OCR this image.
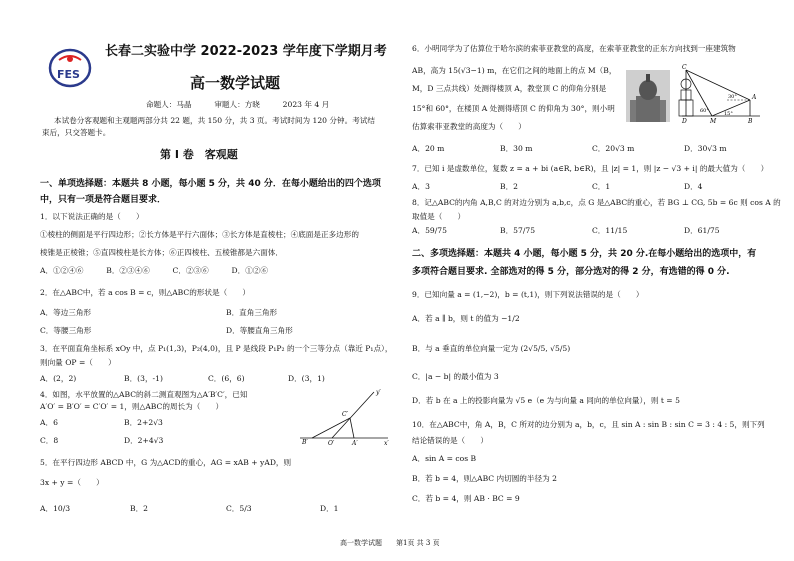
FES
长春二实验中学 2022-2023 学年度下学期月考
高一数学试题
命题人：马晶　　　审题人：方晓　　　2023 年 4 月
本试卷分客观题和主观题两部分共 22 题，共 150 分，共 3 页。考试时间为 120 分钟。考试结
束后，只交答题卡。
第 Ⅰ 卷　客观题
一、单项选择题：本题共 8 小题，每小题 5 分，共 40 分．在每小题给出的四个选项
中，只有一项是符合题目要求．
1．以下说法正确的是（　　）
①棱柱的侧面是平行四边形；②长方体是平行六面体；③长方体是直棱柱；④底面是正多边形的
棱锥是正棱锥；⑤直四棱柱是长方体；⑥正四棱柱、五棱锥都是六面体．
A．①②④⑥　　　B．②③④⑥　　　C．②③⑥　　　D．①②⑥
2．在△ABC中，若 a cos B = c，则△ABC的形状是（　　）
A．等边三角形	B．直角三角形
C．等腰三角形	D．等腰直角三角形
3．在平面直角坐标系 xOy 中，点 P₁(1,3)，P₂(4,0)，且 P 是线段 P₁P₂ 的一个三等分点（靠近 P₁点），
则向量 OP =（　　）
A．(2，2)	B．(3，-1)	C．(6，6)	D．(3，1)
4．如图，水平放置的△ABC的斜二测直观图为△A′B′C′，已知
A′O′ = B′O′ = C′O′ = 1，则△ABC的周长为（　　）
A．6	B．2+2√3
C．8	D．2+4√3
y′
C′
B′	O′	A′	x′
5．在平行四边形 ABCD 中，G 为△ACD的重心，AG = xAB + yAD，则
3x + y =（　　）
A．10/3	B．2	C．5/3	D．1
6．小明同学为了估算位于哈尔滨的索菲亚教堂的高度，在索菲亚教堂的正东方向找到一座建筑物
AB，高为 15(√3−1) m，在它们之间的地面上的点 M（B，
M，D 三点共线）处测得楼顶 A，教堂顶 C 的仰角分别是
15°和 60°，在楼顶 A 处测得塔顶 C 的仰角为 30°，则小明
估算索菲亚教堂的高度为（　　）
C
A
30°
60°	15°
D	M	B
A．20 m	B．30 m	C．20√3 m	D．30√3 m
7．已知 i 是虚数单位，复数 z = a + bi (a∈R, b∈R)，且 |z| = 1，则 |z − √3 + i| 的最大值为（　　）
A．3	B．2	C．1	D．4
8．记△ABC的内角 A,B,C 的对边分别为 a,b,c，点 G 是△ABC的重心，若 BG ⊥ CG, 5b = 6c 则 cos A 的
取值是（　　）
A．59/75	B．57/75	C．11/15	D．61/75
二、多项选择题：本题共 4 小题，每小题 5 分，共 20 分.在每小题给出的选项中，有
多项符合题目要求. 全部选对的得 5 分，部分选对的得 2 分，有选错的得 0 分.
9．已知向量 a = (1,−2)，b = (t,1)，则下列说法错误的是（　　）
A．若 a ∥ b，则 t 的值为 −1/2
B．与 a 垂直的单位向量一定为 (2√5/5, √5/5)
C．|a − b| 的最小值为 3
D．若 b 在 a 上的投影向量为 √5 e（e 为与向量 a 同向的单位向量），则 t = 5
10．在△ABC中，角 A，B，C 所对的边分别为 a，b，c，且 sin A : sin B : sin C = 3 : 4 : 5，则下列
结论错误的是（　　）
A．sin A = cos B
B．若 b = 4，则△ABC 内切圆的半径为 2
C．若 b = 4，则 AB · BC = 9
高一数学试题　　第1页 共 3 页
